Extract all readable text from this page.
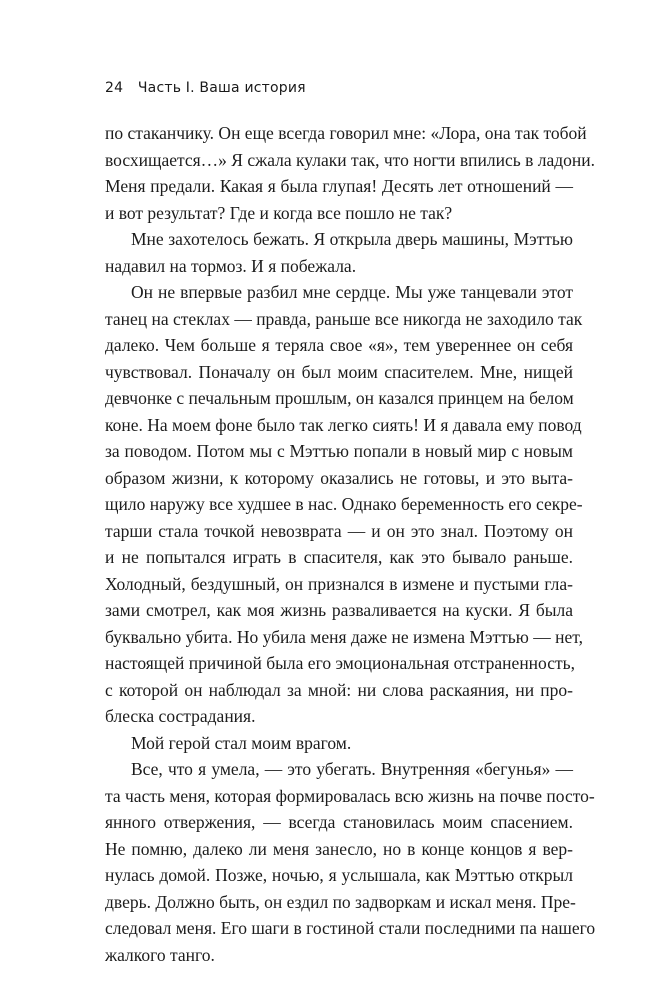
24 Часть I. Ваша история
по стаканчику. Он еще всегда говорил мне: «Лора, она так тобой
восхищается…» Я сжала кулаки так, что ногти впились в ладони.
Меня предали. Какая я была глупая! Десять лет отношений —
и вот результат? Где и когда все пошло не так?
Мне захотелось бежать. Я открыла дверь машины, Мэттью
надавил на тормоз. И я побежала.
Он не впервые разбил мне сердце. Мы уже танцевали этот
танец на стеклах — правда, раньше все никогда не заходило так
далеко. Чем больше я теряла свое «я», тем увереннее он себя
чувствовал. Поначалу он был моим спасителем. Мне, нищей
девчонке с печальным прошлым, он казался принцем на белом
коне. На моем фоне было так легко сиять! И я давала ему повод
за поводом. Потом мы с Мэттью попали в новый мир с новым
образом жизни, к которому оказались не готовы, и это выта-
щило наружу все худшее в нас. Однако беременность его секре-
тарши стала точкой невозврата — и он это знал. Поэтому он
и не попытался играть в спасителя, как это бывало раньше.
Холодный, бездушный, он признался в измене и пустыми гла-
зами смотрел, как моя жизнь разваливается на куски. Я была
буквально убита. Но убила меня даже не измена Мэттью — нет,
настоящей причиной была его эмоциональная отстраненность,
с которой он наблюдал за мной: ни слова раскаяния, ни про-
блеска сострадания.
Мой герой стал моим врагом.
Все, что я умела, — это убегать. Внутренняя «бегунья» —
та часть меня, которая формировалась всю жизнь на почве посто-
янного отвержения, — всегда становилась моим спасением.
Не помню, далеко ли меня занесло, но в конце концов я вер-
нулась домой. Позже, ночью, я услышала, как Мэттью открыл
дверь. Должно быть, он ездил по задворкам и искал меня. Пре-
следовал меня. Его шаги в гостиной стали последними па нашего
жалкого танго.
